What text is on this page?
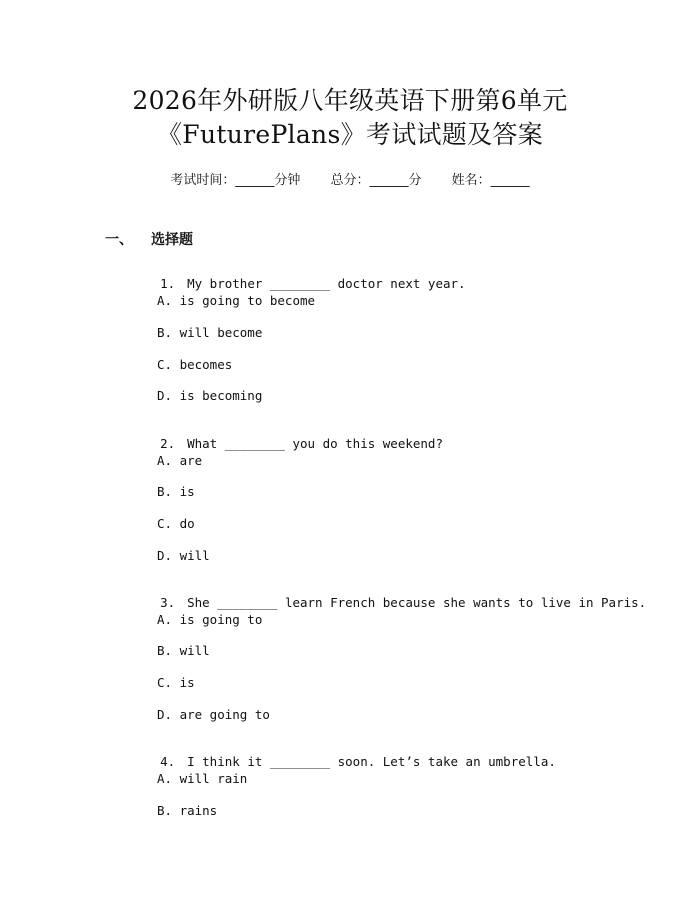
2026年外研版八年级英语下册第6单元
《FuturePlans》考试试题及答案
考试时间：______分钟 总分：______分 姓名：______
一、 选择题

1. My brother ________ doctor next year.

A. is going to become
B. will become
C. becomes
D. is becoming

2. What ________ you do this weekend?

A. are
B. is
C. do
D. will

3. She ________ learn French because she wants to live in Paris.

A. is going to
B. will
C. is
D. are going to

4. I think it ________ soon. Let’s take an umbrella.

A. will rain
B. rains
